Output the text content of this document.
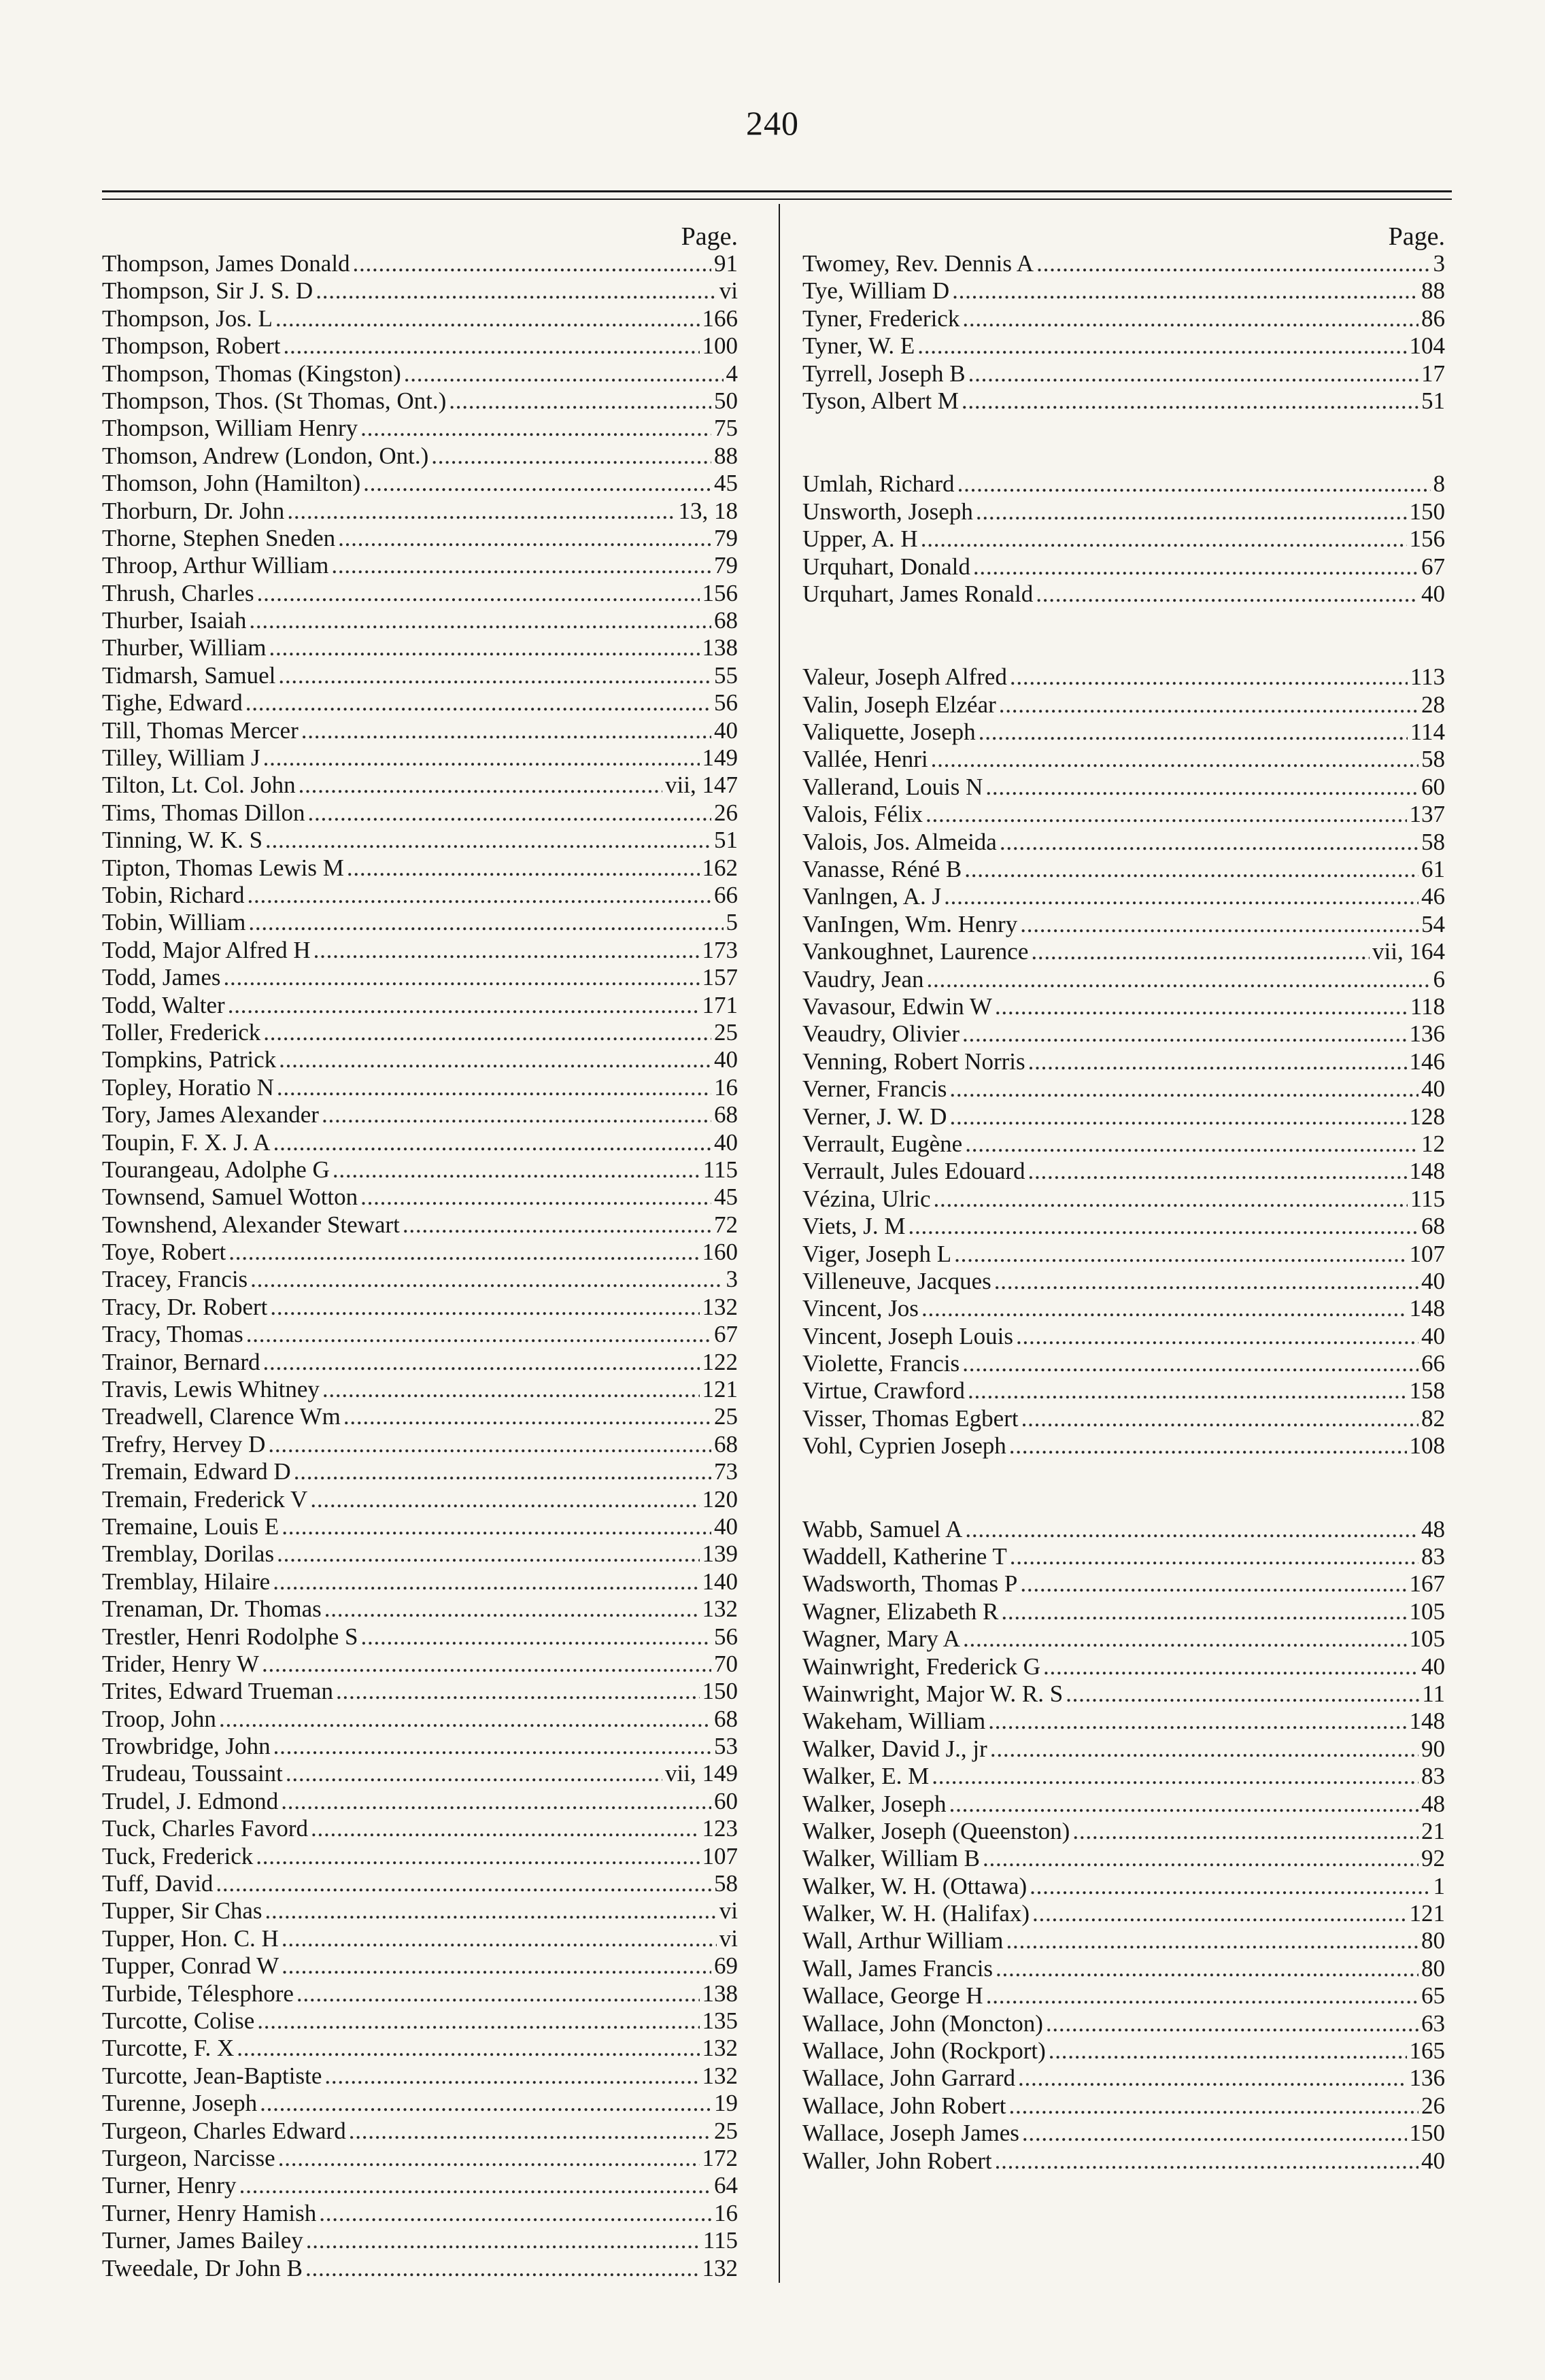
240
Page.
Thompson, James Donald . . .	91
Thompson, Sir J. S. D . . .	vi
Thompson, Jos. L . . .	166
Thompson, Robert . . .	100
Thompson, Thomas (Kingston) . . .	4
Thompson, Thos. (St Thomas, Ont.) . . .	50
Thompson, William Henry . . .	75
Thomson, Andrew (London, Ont.) . . .	88
Thomson, John (Hamilton) . . .	45
Thorburn, Dr. John . . .	13, 18
Thorne, Stephen Sneden . . .	79
Throop, Arthur William . . .	79
Thrush, Charles . . .	156
Thurber, Isaiah . . .	68
Thurber, William . . .	138
Tidmarsh, Samuel . . .	55
Tighe, Edward . . .	56
Till, Thomas Mercer . . .	40
Tilley, William J . . .	149
Tilton, Lt. Col. John . . .	vii, 147
Tims, Thomas Dillon . . .	26
Tinning, W. K. S . . .	51
Tipton, Thomas Lewis M . . .	162
Tobin, Richard . . .	66
Tobin, William . . .	5
Todd, Major Alfred H . . .	173
Todd, James . . .	157
Todd, Walter . . .	171
Toller, Frederick . . .	25
Tompkins, Patrick . . .	40
Topley, Horatio N . . .	16
Tory, James Alexander . . .	68
Toupin, F. X. J. A . . .	40
Tourangeau, Adolphe G . . .	115
Townsend, Samuel Wotton . . .	45
Townshend, Alexander Stewart . . .	72
Toye, Robert . . .	160
Tracey, Francis . . .	3
Tracy, Dr. Robert . . .	132
Tracy, Thomas . . .	67
Trainor, Bernard . . .	122
Travis, Lewis Whitney . . .	121
Treadwell, Clarence Wm . . .	25
Trefry, Hervey D . . .	68
Tremain, Edward D . . .	73
Tremain, Frederick V . . .	120
Tremaine, Louis E . . .	40
Tremblay, Dorilas . . .	139
Tremblay, Hilaire . . .	140
Trenaman, Dr. Thomas . . .	132
Trestler, Henri Rodolphe S . . .	56
Trider, Henry W . . .	70
Trites, Edward Trueman . . .	150
Troop, John . . .	68
Trowbridge, John . . .	53
Trudeau, Toussaint . . .	vii, 149
Trudel, J. Edmond . . .	60
Tuck, Charles Favord . . .	123
Tuck, Frederick . . .	107
Tuff, David . . .	58
Tupper, Sir Chas . . .	vi
Tupper, Hon. C. H . . .	vi
Tupper, Conrad W . . .	69
Turbide, Télesphore . . .	138
Turcotte, Colise . . .	135
Turcotte, F. X . . .	132
Turcotte, Jean-Baptiste . . .	132
Turenne, Joseph . . .	19
Turgeon, Charles Edward . . .	25
Turgeon, Narcisse . . .	172
Turner, Henry . . .	64
Turner, Henry Hamish . . .	16
Turner, James Bailey . . .	115
Tweedale, Dr John B . . .	132
Page.
Twomey, Rev. Dennis A . . .	3
Tye, William D . . .	88
Tyner, Frederick . . .	86
Tyner, W. E . . .	104
Tyrrell, Joseph B . . .	17
Tyson, Albert M . . .	51
Umlah, Richard . . .	8
Unsworth, Joseph . . .	150
Upper, A. H . . .	156
Urquhart, Donald . . .	67
Urquhart, James Ronald . . .	40
Valeur, Joseph Alfred . . .	113
Valin, Joseph Elzéar . . .	28
Valiquette, Joseph . . .	114
Vallée, Henri . . .	58
Vallerand, Louis N . . .	60
Valois, Félix . . .	137
Valois, Jos. Almeida . . .	58
Vanasse, Réné B . . .	61
Vanlngen, A. J . . .	46
VanIngen, Wm. Henry . . .	54
Vankoughnet, Laurence . . .	vii, 164
Vaudry, Jean . . .	6
Vavasour, Edwin W . . .	118
Veaudry, Olivier . . .	136
Venning, Robert Norris . . .	146
Verner, Francis . . .	40
Verner, J. W. D . . .	128
Verrault, Eugène . . .	12
Verrault, Jules Edouard . . .	148
Vézina, Ulric . . .	115
Viets, J. M . . .	68
Viger, Joseph L . . .	107
Villeneuve, Jacques . . .	40
Vincent, Jos . . .	148
Vincent, Joseph Louis . . .	40
Violette, Francis . . .	66
Virtue, Crawford . . .	158
Visser, Thomas Egbert . . .	82
Vohl, Cyprien Joseph . . .	108
Wabb, Samuel A . . .	48
Waddell, Katherine T . . .	83
Wadsworth, Thomas P . . .	167
Wagner, Elizabeth R . . .	105
Wagner, Mary A . . .	105
Wainwright, Frederick G . . .	40
Wainwright, Major W. R. S . . .	11
Wakeham, William . . .	148
Walker, David J., jr . . .	90
Walker, E. M . . .	83
Walker, Joseph . . .	48
Walker, Joseph (Queenston) . . .	21
Walker, William B . . .	92
Walker, W. H. (Ottawa) . . .	1
Walker, W. H. (Halifax) . . .	121
Wall, Arthur William . . .	80
Wall, James Francis . . .	80
Wallace, George H . . .	65
Wallace, John (Moncton) . . .	63
Wallace, John (Rockport) . . .	165
Wallace, John Garrard . . .	136
Wallace, John Robert . . .	26
Wallace, Joseph James . . .	150
Waller, John Robert . . .	40
